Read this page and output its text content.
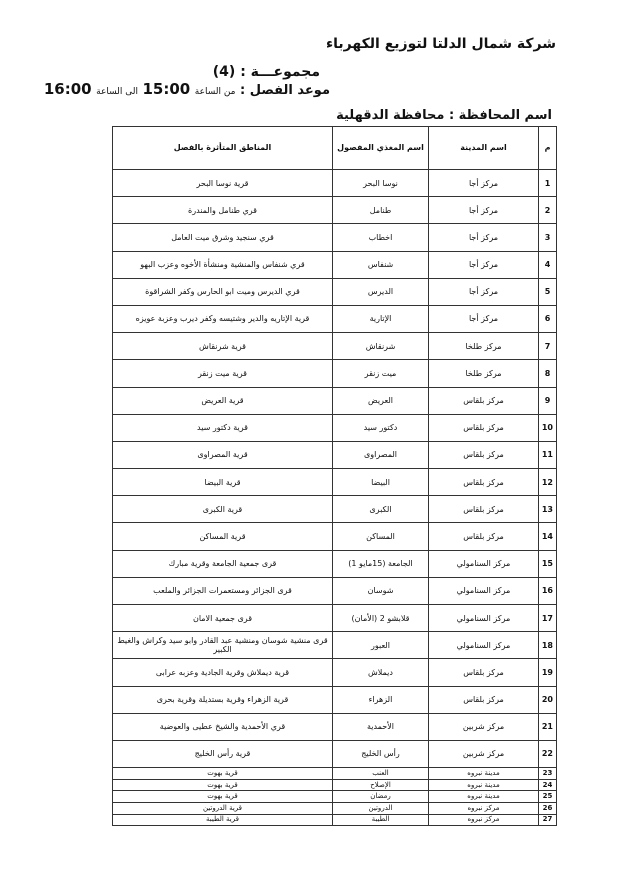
شركة شمال الدلتا لتوزيع الكهرباء
مجموعـــة : (4)
موعد الفصل : من الساعة 15:00 الى الساعة 16:00
اسم المحافظة : محافظة الدقهلية
م	اسم المدينة	اسم المغذي المفصول	المناطق المتأثرة بالفصل
1	مركز أجا	نوسا البحر	قرية نوسا البحر
2	مركز أجا	طنامل	قري طنامل والمندرة
3	مركز أجا	اخطاب	قري سنجيد وشرق ميت العامل
4	مركز أجا	شنفاس	قري شنفاس والمنشية ومنشأة الأخوه وعزب البهو
5	مركز أجا	الديرس	قري الديرس وميت ابو الحارس وكفر الشراقوة
6	مركز أجا	الإتارية	قرية الإتاريه والدير وشتيسه وكفر ديرب وعزبة عويزه
7	مركز طلخا	شرنقاش	قرية شرنقاش
8	مركز طلخا	ميت زنقر	قرية ميت زنقر
9	مركز بلقاس	العريض	قرية العريض
10	مركز بلقاس	دكتور سيد	قرية دكتور سيد
11	مركز بلقاس	المصراوى	قرية المصراوى
12	مركز بلقاس	البيضا	قرية البيضا
13	مركز بلقاس	الكبرى	قرية الكبرى
14	مركز بلقاس	المساكن	قرية المساكن
15	مركز السنامولي	الجامعة (15مايو 1)	قرى جمعية الجامعة وقرية مبارك
16	مركز السنامولي	شوسان	قرى الجزائر ومستعمرات الجزائر والملعب
17	مركز السنامولي	قلابشو 2 (الأمان)	قرى جمعية الامان
18	مركز السنامولي	العبور	قرى منشية شوسان ومنشية عبد القادر وابو سيد وكراش والغيط الكبير
19	مركز بلقاس	ديملاش	قرية ديملاش وقرية الجادية وعزبه عرابى
20	مركز بلقاس	الزهراء	قرية الزهراء وقرية بستديلة وقرية بحرى
21	مركز شربين	الأحمدية	قري الأحمدية والشيخ عطيى والعوضية
22	مركز شربين	رأس الخليج	قرية رأس الخليج
23	مدينة نبروه	العنب	قرية بهوت
24	مدينة نبروه	الإصلاح	قرية بهوت
25	مدينة نبروه	رمضان	قرية بهوت
26	مركز نبروه	الدروتين	قرية الدروتين
27	مركز نبروه	الطيبة	قرية الطيبة
